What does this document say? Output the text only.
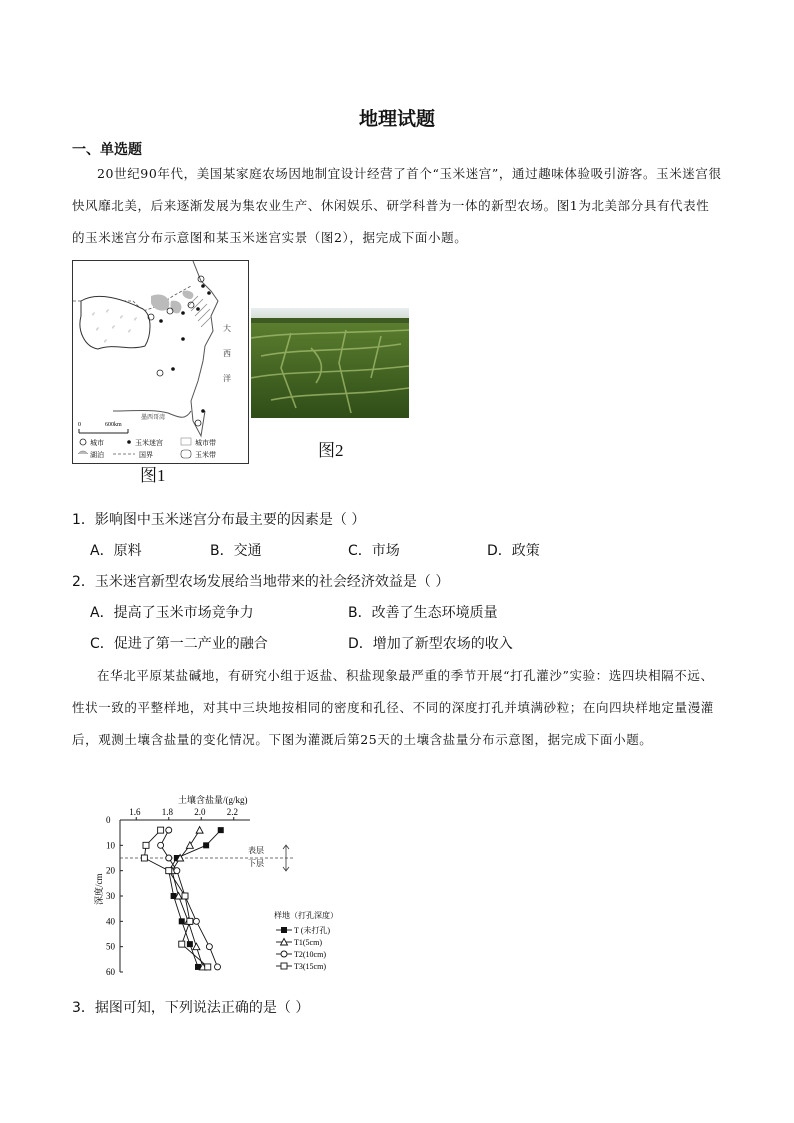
地理试题
一、单选题

20世纪90年代，美国某家庭农场因地制宜设计经营了首个“玉米迷宫”，通过趣味体验吸引游客。玉米迷宫很快风靡北美，后来逐渐发展为集农业生产、休闲娱乐、研学科普为一体的新型农场。图1为北美部分具有代表性的玉米迷宫分布示意图和某玉米迷宫实景（图2），据完成下面小题。

♂ ♂
♂
♂ ♂
♂
♂
♂
大
西
洋
墨西哥湾
0	600km
城市	玉米迷宫	城市带
湖泊	国界	玉米带
图1
图2
1．影响图中玉米迷宫分布最主要的因素是（ ）
A．原料	B．交通	C．市场	D．政策
2．玉米迷宫新型农场发展给当地带来的社会经济效益是（ ）
A．提高了玉米市场竞争力	B．改善了生态环境质量
C．促进了第一二产业的融合	D．增加了新型农场的收入

在华北平原某盐碱地，有研究小组于返盐、积盐现象最严重的季节开展“打孔灌沙”实验：选四块相隔不远、性状一致的平整样地，对其中三块地按相同的密度和孔径、不同的深度打孔并填满砂粒；在向四块样地定量漫灌后，观测土壤含盐量的变化情况。下图为灌溉后第25天的土壤含盐量分布示意图，据完成下面小题。

土壤含盐量/(g/kg)
深度/cm
1.6 1.8 2.0 2.2
0
10
20
30
40
50
60
表层
下层
样地（打孔深度）
T (未打孔)
T1(5cm)
T2(10cm)
T3(15cm)
3．据图可知，下列说法正确的是（ ）
